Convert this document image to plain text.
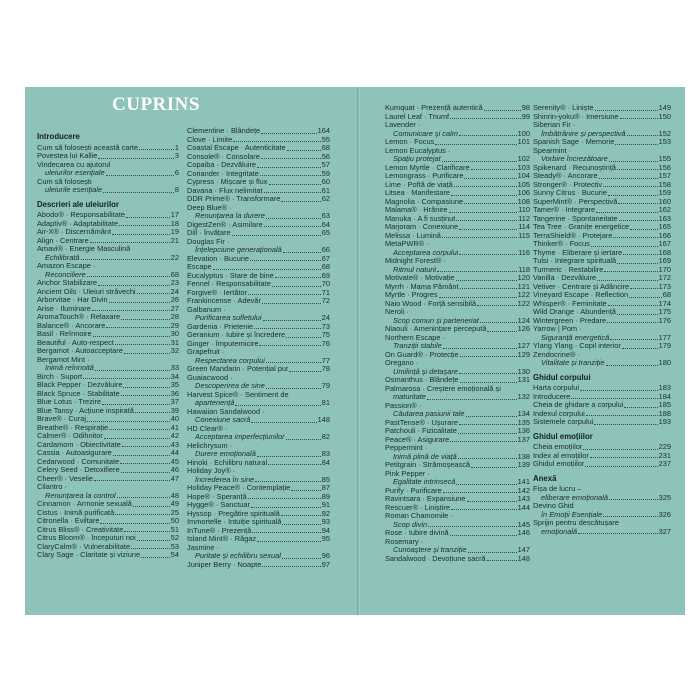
CUPRINS
Introducere
Cum să folosești această carte	1
Povestea lui Kallie	3
Vindecarea cu ajutorul
uleiurilor esențiale	6
Cum să folosești
uleiurile esențiale	8
Descrieri ale uleiurilor
Abodo® · Responsabilitate	17
Adaptiv® · Adaptabilitate	18
Air-X® · Discernământ	19
Align · Centrare	21
Amavi® · Energie Masculină
Echilibrată	22
Amazon Escape ·
Reconciliere	68
Anchor Stabilizare	23
Ancient Oils · Uleiuri străvechi	24
Arborvitae · Har Divin	26
Arise · Iluminare	27
AromaTouch® · Relaxare	28
Balance® · Ancorare	29
Basil · Reînnoire	30
Beautiful · Auto-respect	31
Bergamot · Autoacceptare	32
Bergamot Mint ·
Inimă reînnoită	33
Birch · Suport	34
Black Pepper · Dezvăluire	35
Black Spruce · Stabilitate	36
Blue Lotus · Trezire	37
Blue Tansy · Acțiune inspirată	39
Brave® · Curaj	40
Breathe® · Respirație	41
Calmer® · Odihnitor	42
Cardamom · Obiectivitate	43
Cassia · Autoasigurare	44
Cedarwood · Comunitate	45
Celery Seed · Detoxifiere	46
Cheer® · Veselie	47
Cilantro ·
Renunțarea la control	48
Cinnamon · Armonie sexuală	49
Cistus · Inimă purificată	25
Citronella · Eviltare	50
Citrus Bliss® · Creativitate	51
Citrus Bloom® · Începuturi noi	52
ClaryCalm® · Vulnerabilitate	53
Clary Sage · Claritate și viziune	54
Clementine · Blândețe	164
Clove · Limite	55
Coastal Escape · Autenticitate	68
Console® · Consolare	56
Copaiba · Dezvăluire	57
Coriander · Integritate	59
Cypress · Mișcare și flux	60
Davana · Flux nelimitat	61
DDR Prime® · Transformare	62
Deep Blue® ·
Renunțarea la durere	63
DigestZen® · Asimilare	64
Dill · Învățare	65
Douglas Fir ·
Înțelepciune generațională	66
Elevation · Bucurie	67
Escape	68
Eucalyptus · Stare de bine	69
Fennel · Responsabilitate	70
Forgive® · Iertător	71
Frankincense · Adevăr	72
Galbanum ·
Purificarea sufletului	24
Gardenia · Prietenie	73
Geranium · Iubire și încredere	75
Ginger · Împuternicire	76
Grapefruit ·
Respectarea corpului	77
Green Mandarin · Potențial pur	78
Guaiacwood ·
Descoperirea de sine	79
Harvest Spice® · Sentiment de
apartenență	81
Hawaiian Sandalwood ·
Conexiune sacră	148
HD Clear® ·
Acceptarea imperfecțiunilor	82
Helichrysum ·
Durere emoțională	83
Hinoki · Echilibru natural	84
Holiday Joy® ·
Încrederea în sine	85
Holiday Peace® · Contemplație	87
Hope® · Speranță	89
Hygge® · Sanctuar	91
Hyssop · Pregătire spirituală	92
Immortelle · Intuiție spirituală	93
InTune® · Prezență	94
Island Mint® · Răgaz	95
Jasmine ·
Puritate și echilibru sexual	96
Juniper Berry · Noapte	97
Kumquat · Prezență autentică	98
Laurel Leaf · Triumf	99
Lavender ·
Comunicare și calm	100
Lemon · Focus	101
Lemon Eucalyptus ·
Spațiu protejat	102
Lemon Myrtle · Clarificare	103
Lemongrass · Purificare	104
Lime · Poftă de viață	105
Litsea · Manifestare	106
Magnolia · Compasiune	108
Malama® · Hrănire	110
Manuka · A fi susținut	112
Marjoram · Conexiune	114
Melissa · Lumină	115
MetaPWR® ·
Acceptarea corpului	116
Midnight Forest® ·
Ritmul naturii	118
Motivate® · Motivație	120
Myrrh · Mama Pământ	121
Myrtle · Progres	122
Naio Wood · Forță sensibilă	122
Neroli ·
Scop comun și parteneriat	124
Niaouli · Amenințare percepută	126
Northern Escape ·
Tranziții stabile	127
On Guard® · Protecție	129
Oregano ·
Umilință și detașare	130
Osmanthus · Blândețe	131
Palmarosa · Creștere emoțională și
maturitate	132
Passion® ·
Căutarea pasiunii tale	134
PastTense® · Ușurare	135
Patchouli · Fizicalitate	136
Peace® · Asigurare	137
Peppermint ·
Inimă plină de viață	138
Petitgrain · Strămoșească	139
Pink Pepper ·
Egalitate intrinsecă	141
Purify · Purificare	142
Ravintsara · Expansiune	143
Rescuer® · Liniștire	144
Roman Chamomile ·
Scop divin	145
Rose · Iubire divină	146
Rosemary ·
Cunoaștere și tranziție	147
Sandalwood · Devoțiune sacră	148
Serenity® · Liniște	149
Shinrin-yoku® · Imersiune	150
Siberian Fir ·
Îmbătrânire și perspectivă	152
Spanish Sage · Memorie	153
Spearmint ·
Vorbire încrezătoare	155
Spikenard · Recunoștință	156
Steady® · Ancorare	157
Stronger® · Protectiv	158
Sunny Citrus · Bucurie	159
SuperMint® · Perspectivă	160
Tamer® · Integrare	162
Tangerine · Spontaneitate	163
Tea Tree · Granițe energetice	165
TerraShield® · Protejare	166
Thinker® · Focus	167
Thyme · Eliberare și iertare	168
Tulsi · Integrare spirituală	169
Turmeric · Restabilire	170
Vanilla · Dezvăluire	172
Vetiver · Centrare și Adâncire	173
Vineyard Escape · Reflection	68
Whisper® · Feminitate	174
Wild Orange · Abundență	175
Wintergreen · Predare	176
Yarrow | Pom ·
Siguranță energetică	177
Ylang Ylang · Copil interior	179
Zendocrine® ·
Vitalitate și tranziție	180
Ghidul corpului
Harta corpului	183
Introducere	184
Cheia de ghidare a corpului	185
Indexul corpului	188
Sistemele corpului	193
Ghidul emoțiilor
Cheia emoțiilor	229
Index al emoțiilor	231
Ghidul emoțiilor	237
Anexă
Fișa de lucru –
eliberare emoțională	325
Devino Ghid
în Emoții Esențiale	326
Sprijin pentru descătușare
emoțională	327
